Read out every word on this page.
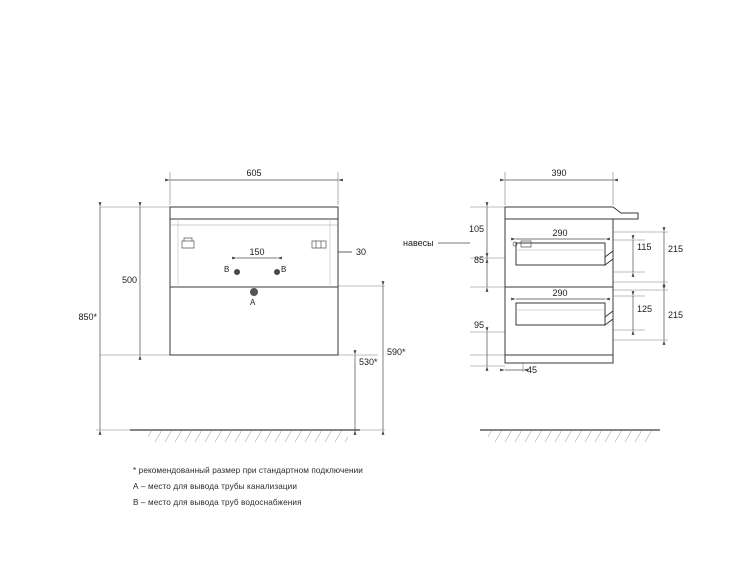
605
150	30
B	B
A
500
850*
530*
590*
390
290
290
105
85
95
45
115 215
125
215
навесы
* рекомендованный размер при стандартном подключении
А – место для вывода трубы канализации
В – место для вывода труб водоснабжения
